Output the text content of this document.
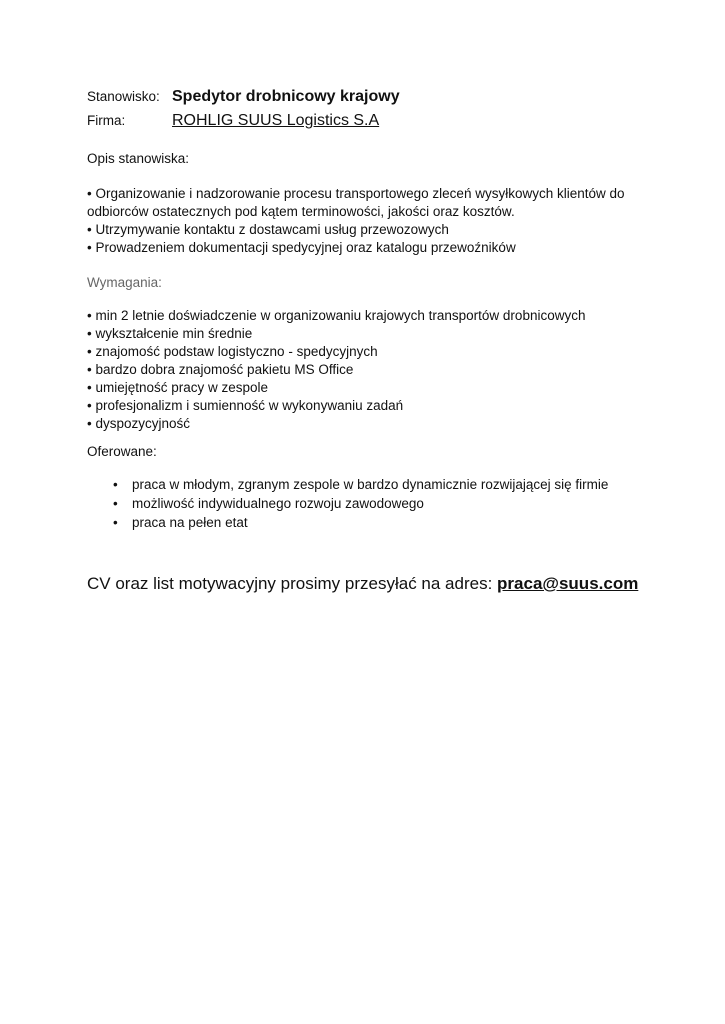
Stanowisko: Spedytor drobnicowy krajowy
Firma:	ROHLIG SUUS Logistics S.A
Opis stanowiska:
• Organizowanie i nadzorowanie procesu transportowego zleceń wysyłkowych klientów do
odbiorców ostatecznych pod kątem terminowości, jakości oraz kosztów.
• Utrzymywanie kontaktu z dostawcami usług przewozowych
• Prowadzeniem dokumentacji spedycyjnej oraz katalogu przewoźników
Wymagania:
• min 2 letnie doświadczenie w organizowaniu krajowych transportów drobnicowych
• wykształcenie min średnie
• znajomość podstaw logistyczno - spedycyjnych
• bardzo dobra znajomość pakietu MS Office
• umiejętność pracy w zespole
• profesjonalizm i sumienność w wykonywaniu zadań
• dyspozycyjność
Oferowane:
•	praca w młodym, zgranym zespole w bardzo dynamicznie rozwijającej się firmie
•	możliwość indywidualnego rozwoju zawodowego
•	praca na pełen etat
CV oraz list motywacyjny prosimy przesyłać na adres: praca@suus.com
